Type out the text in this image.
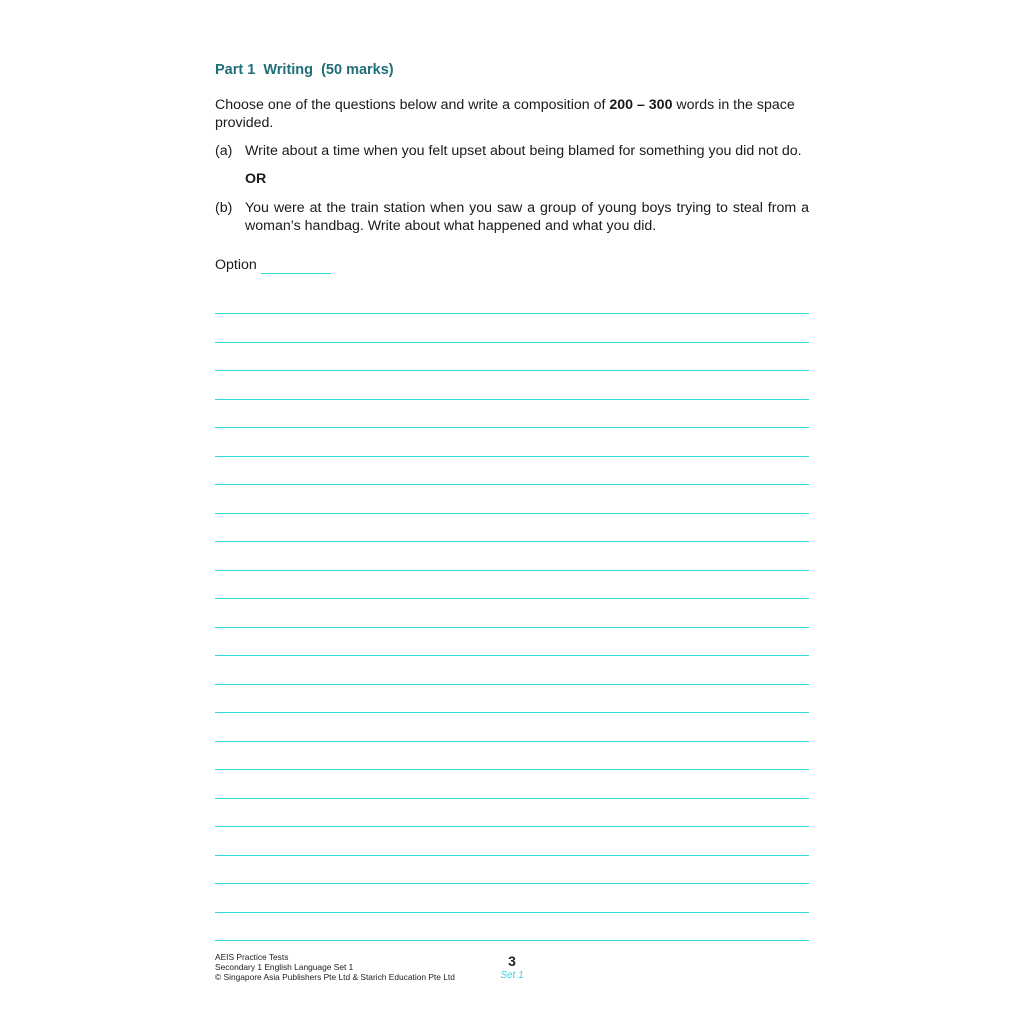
Part 1  Writing  (50 marks)
Choose one of the questions below and write a composition of 200 – 300 words in the space provided.
(a) Write about a time when you felt upset about being blamed for something you did not do.
OR
(b) You were at the train station when you saw a group of young boys trying to steal from a woman’s handbag. Write about what happened and what you did.
Option
AEIS Practice Tests
Secondary 1 English Language Set 1
© Singapore Asia Publishers Pte Ltd & Starich Education Pte Ltd
3
Set 1
